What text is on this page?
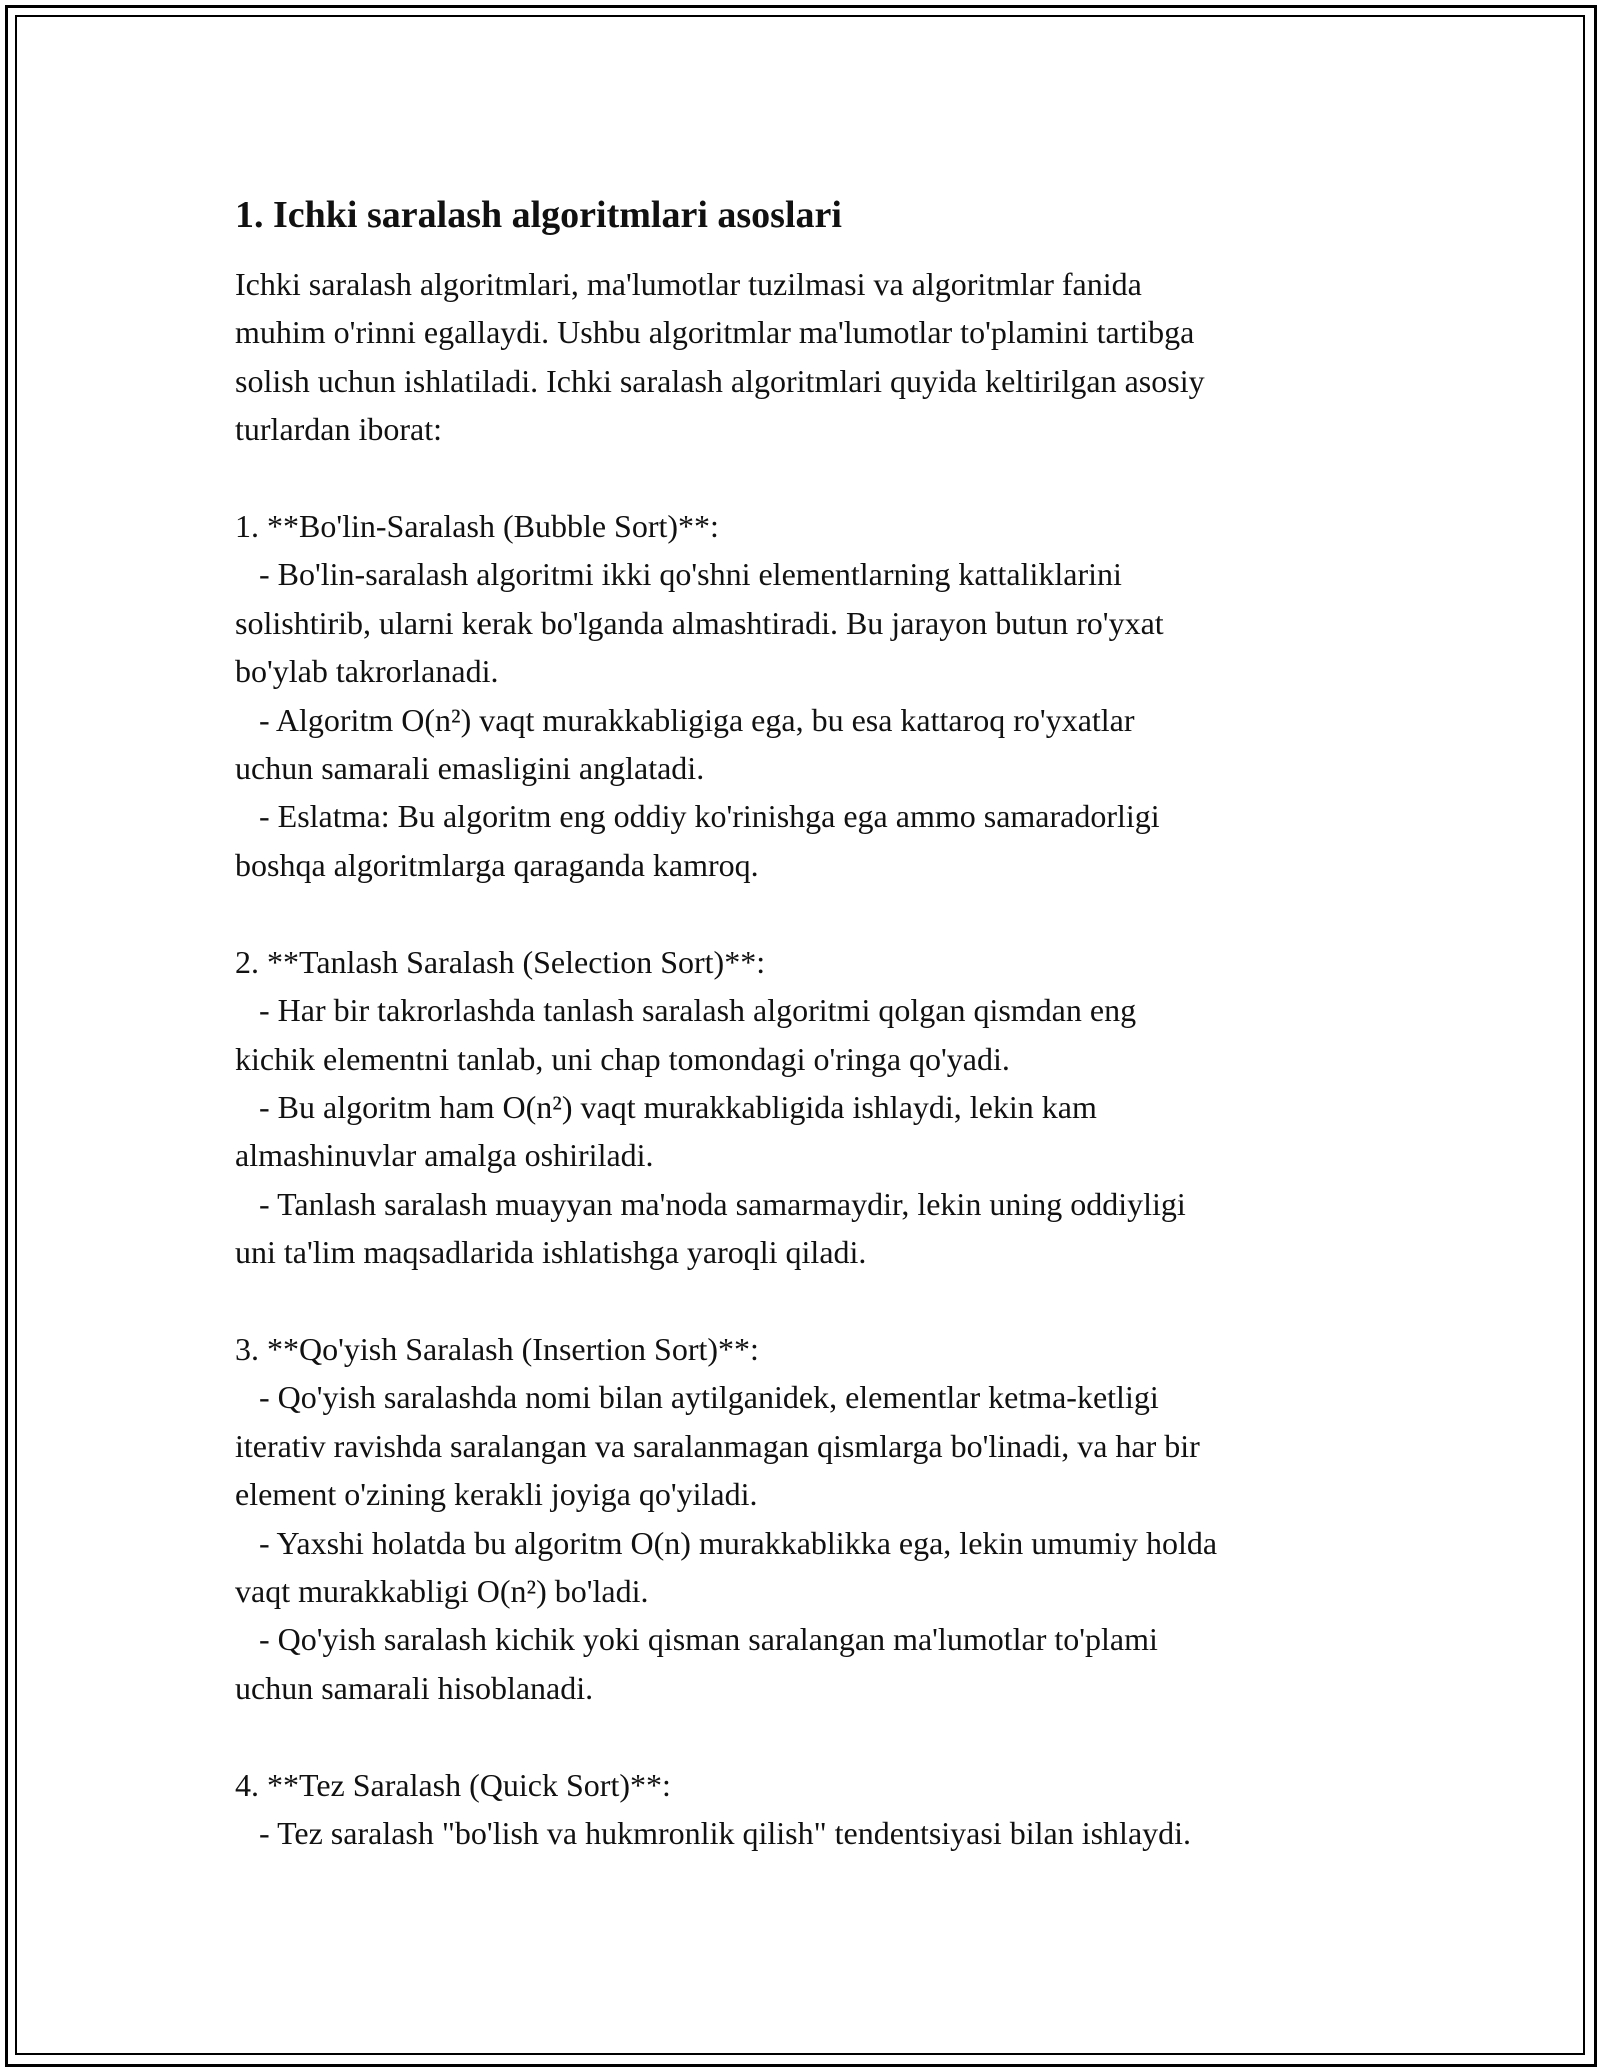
1. Ichki saralash algoritmlari asoslari

Ichki saralash algoritmlari, ma'lumotlar tuzilmasi va algoritmlar fanida
muhim o'rinni egallaydi. Ushbu algoritmlar ma'lumotlar to'plamini tartibga
solish uchun ishlatiladi. Ichki saralash algoritmlari quyida keltirilgan asosiy
turlardan iborat:

1. **Bo'lin-Saralash (Bubble Sort)**:
- Bo'lin-saralash algoritmi ikki qo'shni elementlarning kattaliklarini
solishtirib, ularni kerak bo'lganda almashtiradi. Bu jarayon butun ro'yxat
bo'ylab takrorlanadi.
- Algoritm O(n²) vaqt murakkabligiga ega, bu esa kattaroq ro'yxatlar
uchun samarali emasligini anglatadi.
- Eslatma: Bu algoritm eng oddiy ko'rinishga ega ammo samaradorligi
boshqa algoritmlarga qaraganda kamroq.

2. **Tanlash Saralash (Selection Sort)**:
- Har bir takrorlashda tanlash saralash algoritmi qolgan qismdan eng
kichik elementni tanlab, uni chap tomondagi o'ringa qo'yadi.
- Bu algoritm ham O(n²) vaqt murakkabligida ishlaydi, lekin kam
almashinuvlar amalga oshiriladi.
- Tanlash saralash muayyan ma'noda samarmaydir, lekin uning oddiyligi
uni ta'lim maqsadlarida ishlatishga yaroqli qiladi.

3. **Qo'yish Saralash (Insertion Sort)**:
- Qo'yish saralashda nomi bilan aytilganidek, elementlar ketma-ketligi
iterativ ravishda saralangan va saralanmagan qismlarga bo'linadi, va har bir
element o'zining kerakli joyiga qo'yiladi.
- Yaxshi holatda bu algoritm O(n) murakkablikka ega, lekin umumiy holda
vaqt murakkabligi O(n²) bo'ladi.
- Qo'yish saralash kichik yoki qisman saralangan ma'lumotlar to'plami
uchun samarali hisoblanadi.

4. **Tez Saralash (Quick Sort)**:
- Tez saralash "bo'lish va hukmronlik qilish" tendentsiyasi bilan ishlaydi.
